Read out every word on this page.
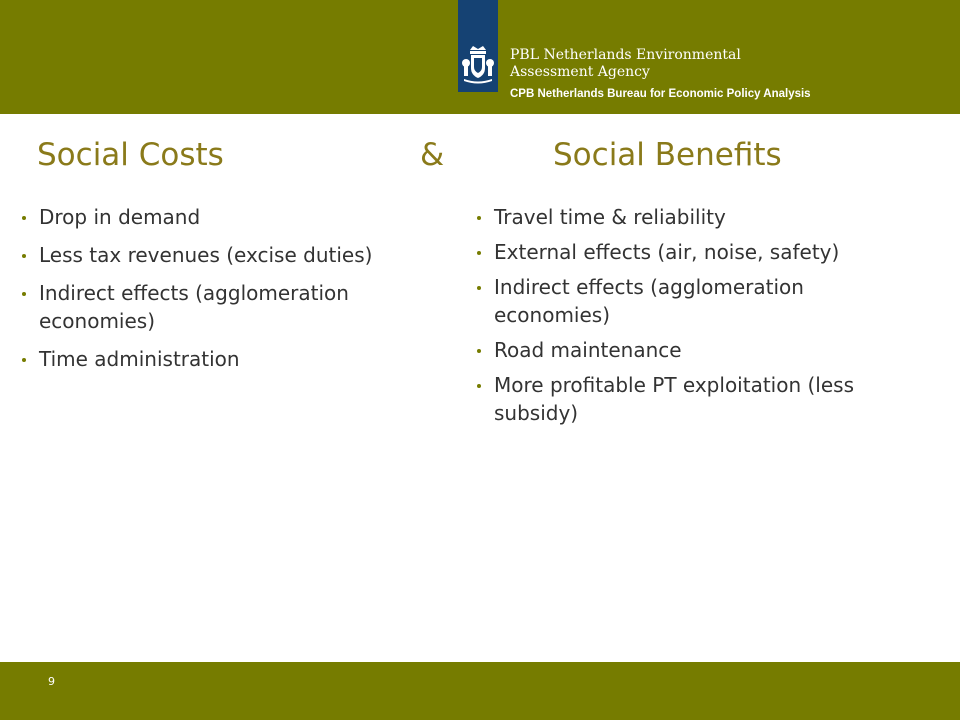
PBL Netherlands Environmental
Assessment Agency
CPB Netherlands Bureau for Economic Policy Analysis
Social Costs	&	Social Benefits
Drop in demand
Less tax revenues (excise duties)
Indirect effects (agglomeration
economies)
Time administration
Travel time & reliability
External effects (air, noise, safety)
Indirect effects (agglomeration
economies)
Road maintenance
More profitable PT exploitation (less
subsidy)
9
